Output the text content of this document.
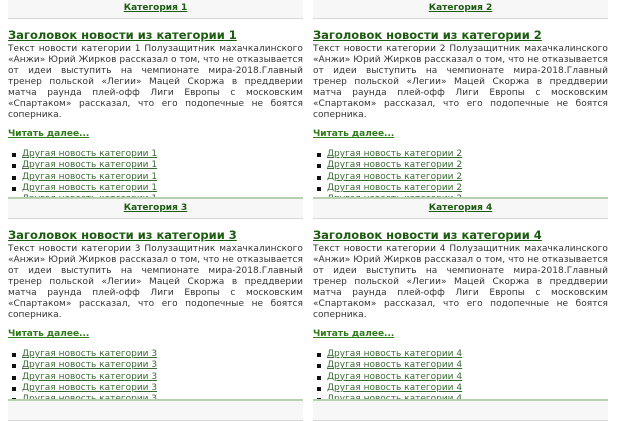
Категория 1
Заголовок новости из категории 1
Текст новости категории 1 Полузащитник махачкалинского «Анжи» Юрий Жирков рассказал о том, что не отказывается от идеи выступить на чемпионате мира-2018.Главный тренер польской «Легии» Мацей Скоржа в преддверии матча раунда плей-офф Лиги Европы с московским «Спартаком» рассказал, что его подопечные не боятся соперника.
Читать далее...
Другая новость категории 1
Другая новость категории 1
Другая новость категории 1
Другая новость категории 1
Категория 2
Заголовок новости из категории 2
Текст новости категории 2 Полузащитник махачкалинского «Анжи» Юрий Жирков рассказал о том, что не отказывается от идеи выступить на чемпионате мира-2018.Главный тренер польской «Легии» Мацей Скоржа в преддверии матча раунда плей-офф Лиги Европы с московским «Спартаком» рассказал, что его подопечные не боятся соперника.
Читать далее...
Другая новость категории 2
Другая новость категории 2
Другая новость категории 2
Другая новость категории 2
Категория 3
Заголовок новости из категории 3
Текст новости категории 3 Полузащитник махачкалинского «Анжи» Юрий Жирков рассказал о том, что не отказывается от идеи выступить на чемпионате мира-2018.Главный тренер польской «Легии» Мацей Скоржа в преддверии матча раунда плей-офф Лиги Европы с московским «Спартаком» рассказал, что его подопечные не боятся соперника.
Читать далее...
Другая новость категории 3
Другая новость категории 3
Другая новость категории 3
Другая новость категории 3
Категория 4
Заголовок новости из категории 4
Текст новости категории 4 Полузащитник махачкалинского «Анжи» Юрий Жирков рассказал о том, что не отказывается от идеи выступить на чемпионате мира-2018.Главный тренер польской «Легии» Мацей Скоржа в преддверии матча раунда плей-офф Лиги Европы с московским «Спартаком» рассказал, что его подопечные не боятся соперника.
Читать далее...
Другая новость категории 4
Другая новость категории 4
Другая новость категории 4
Другая новость категории 4
